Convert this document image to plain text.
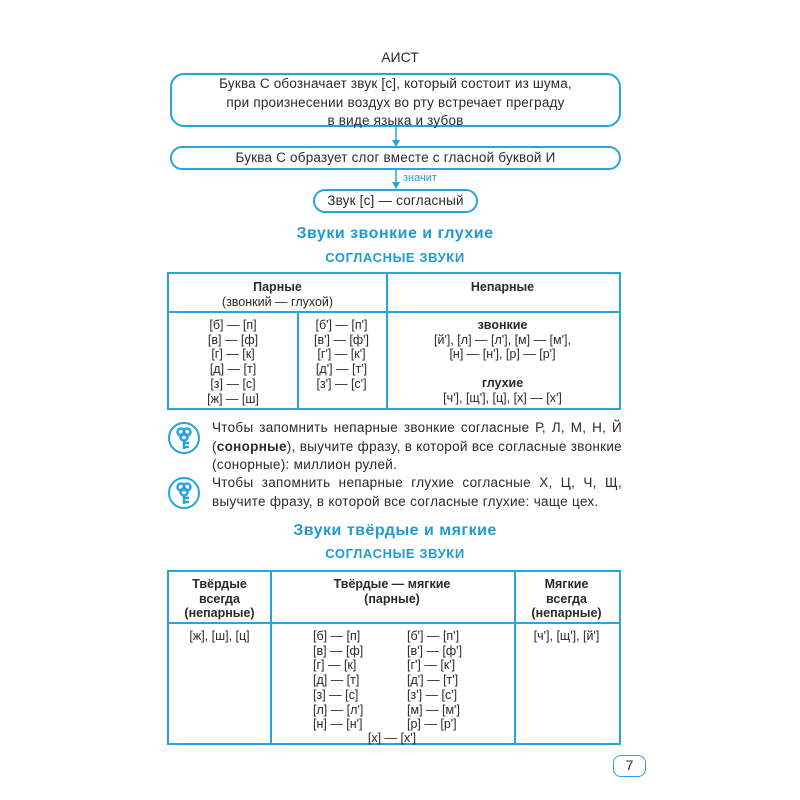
АИСТ
Буква С обозначает звук [с], который состоит из шума,
при произнесении воздух во рту встречает преграду
в виде языка и зубов
Буква С образует слог вместе с гласной буквой И
значит
Звук [с] — согласный
Звуки звонкие и глухие
СОГЛАСНЫЕ ЗВУКИ
Парные
(звонкий — глухой)
Непарные
[б] — [п]
[в] — [ф]
[г] — [к]
[д] — [т]
[з] — [с]
[ж] — [ш]
[б'] — [п']
[в'] — [ф']
[г'] — [к']
[д'] — [т']
[з'] — [с']
звонкие
[й'], [л] — [л'], [м] — [м'],
[н] — [н'], [р] — [р']
глухие
[ч'], [щ'], [ц], [х] — [х']
Чтобы запомнить непарные звонкие согласные Р, Л, М, Н, Й (сонорные), выучите фразу, в которой все согласные звонкие (сонорные): миллион рулей.
Чтобы запомнить непарные глухие согласные Х, Ц, Ч, Щ, выучите фразу, в которой все согласные глухие: чаще цех.
Звуки твёрдые и мягкие
СОГЛАСНЫЕ ЗВУКИ
Твёрдые
всегда
(непарные)
Твёрдые — мягкие
(парные)
Мягкие
всегда
(непарные)
[ж], [ш], [ц]	[б] — [п]
[в] — [ф]
[г] — [к]
[д] — [т]
[з] — [с]
[л] — [л']
[н] — [н']
[б'] — [п']
[в'] — [ф']
[г'] — [к']
[д'] — [т']
[з'] — [с']
[м] — [м']
[р] — [р']
[х] — [х']
[ч'], [щ'], [й']
7
